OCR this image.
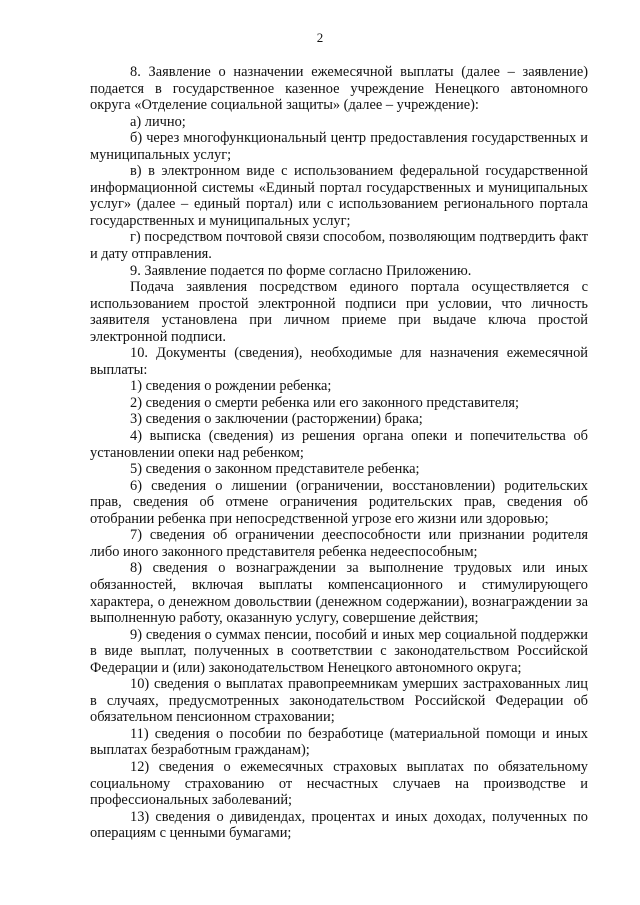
2

8. Заявление о назначении ежемесячной выплаты (далее – заявление) подается в государственное казенное учреждение Ненецкого автономного округа «Отделение социальной защиты» (далее – учреждение):

а) лично;

б) через многофункциональный центр предоставления государственных и муниципальных услуг;

в) в электронном виде с использованием федеральной государственной информационной системы «Единый портал государственных и муниципальных услуг» (далее – единый портал) или с использованием регионального портала государственных и муниципальных услуг;

г) посредством почтовой связи способом, позволяющим подтвердить факт и дату отправления.

9. Заявление подается по форме согласно Приложению.

Подача заявления посредством единого портала осуществляется с использованием простой электронной подписи при условии, что личность заявителя установлена при личном приеме при выдаче ключа простой электронной подписи.

10. Документы (сведения), необходимые для назначения ежемесячной выплаты:

1) сведения о рождении ребенка;

2) сведения о смерти ребенка или его законного представителя;

3) сведения о заключении (расторжении) брака;

4) выписка (сведения) из решения органа опеки и попечительства об установлении опеки над ребенком;

5) сведения о законном представителе ребенка;

6) сведения о лишении (ограничении, восстановлении) родительских прав, сведения об отмене ограничения родительских прав, сведения об отобрании ребенка при непосредственной угрозе его жизни или здоровью;

7) сведения об ограничении дееспособности или признании родителя либо иного законного представителя ребенка недееспособным;

8) сведения о вознаграждении за выполнение трудовых или иных обязанностей, включая выплаты компенсационного и стимулирующего характера, о денежном довольствии (денежном содержании), вознаграждении за выполненную работу, оказанную услугу, совершение действия;

9) сведения о суммах пенсии, пособий и иных мер социальной поддержки в виде выплат, полученных в соответствии с законодательством Российской Федерации и (или) законодательством Ненецкого автономного округа;

10) сведения о выплатах правопреемникам умерших застрахованных лиц в случаях, предусмотренных законодательством Российской Федерации об обязательном пенсионном страховании;

11) сведения о пособии по безработице (материальной помощи и иных выплатах безработным гражданам);

12) сведения о ежемесячных страховых выплатах по обязательному социальному страхованию от несчастных случаев на производстве и профессиональных заболеваний;

13) сведения о дивидендах, процентах и иных доходах, полученных по операциям с ценными бумагами;
